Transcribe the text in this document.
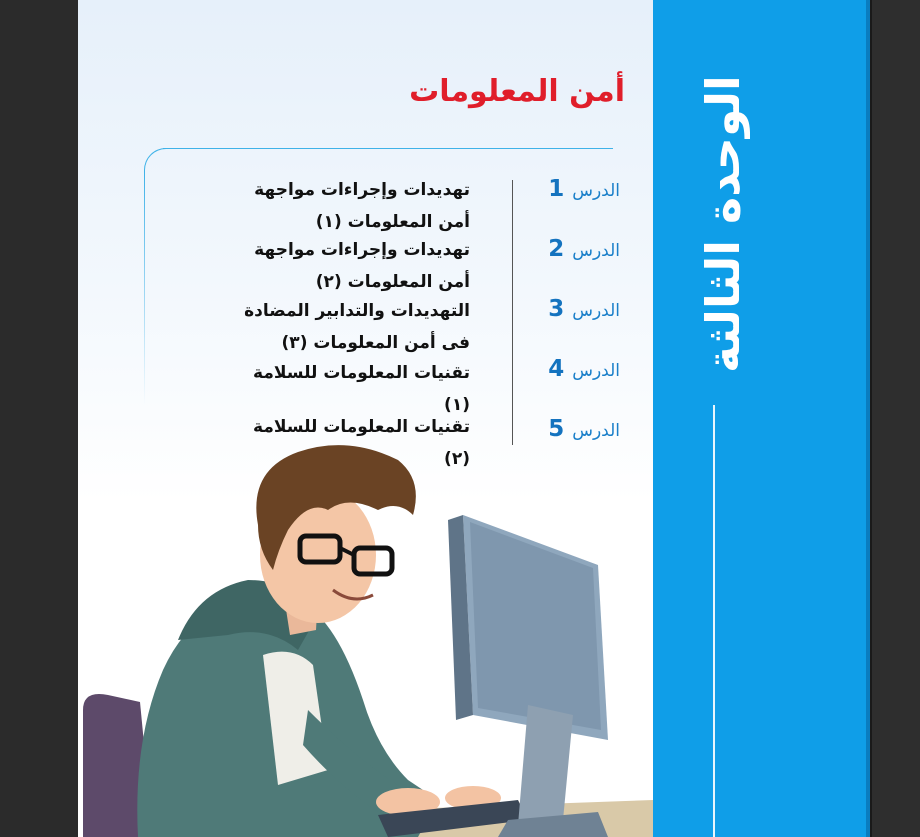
الوحدة الثالثة
أمن المعلومات
الدرس1
تهديدات وإجراءات مواجهة
أمن المعلومات (١)
الدرس2
تهديدات وإجراءات مواجهة
أمن المعلومات (٢)
الدرس3
التهديدات والتدابير المضادة
فى أمن المعلومات (٣)
الدرس4
تقنيات المعلومات للسلامة (١)
الدرس5
تقنيات المعلومات للسلامة (٢)
